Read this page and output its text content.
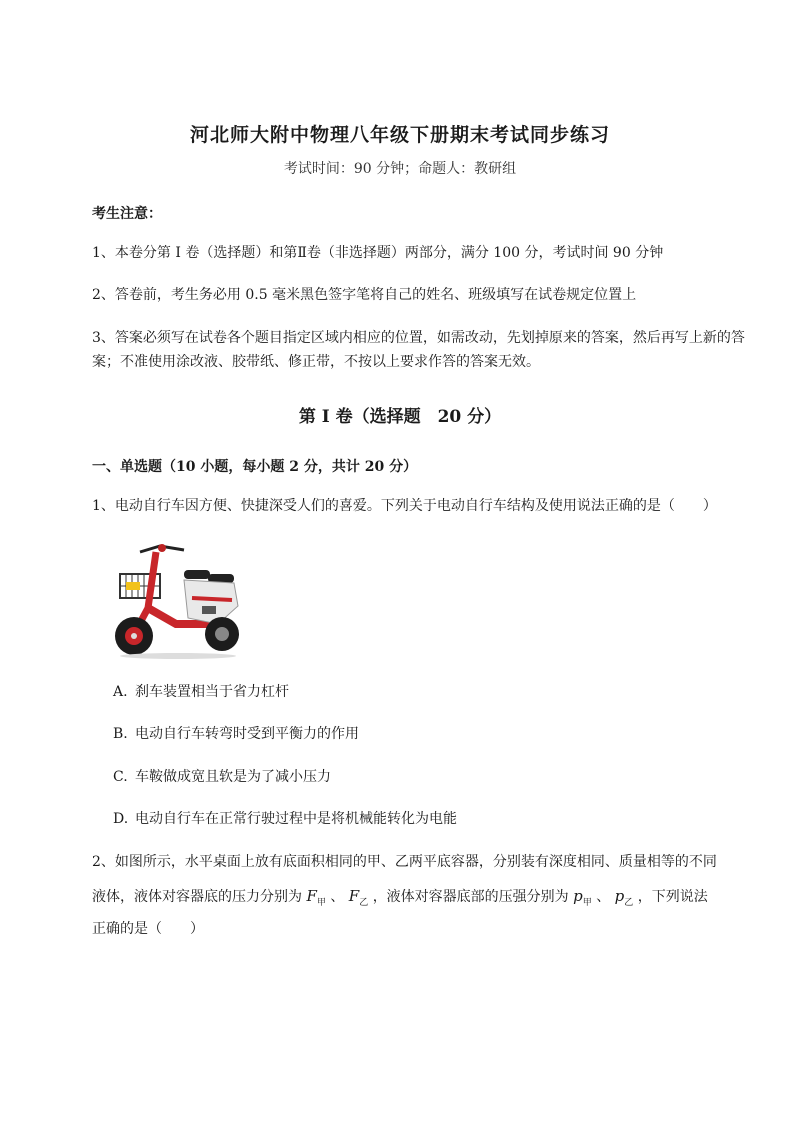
河北师大附中物理八年级下册期末考试同步练习
考试时间：90 分钟；命题人：教研组
考生注意：
1、本卷分第 I 卷（选择题）和第Ⅱ卷（非选择题）两部分，满分 100 分，考试时间 90 分钟
2、答卷前，考生务必用 0.5 毫米黑色签字笔将自己的姓名、班级填写在试卷规定位置上
3、答案必须写在试卷各个题目指定区域内相应的位置，如需改动，先划掉原来的答案，然后再写上新的答案；不准使用涂改液、胶带纸、修正带，不按以上要求作答的答案无效。
第 I 卷（选择题　20 分）
一、单选题（10 小题，每小题 2 分，共计 20 分）
1、电动自行车因方便、快捷深受人们的喜爱。下列关于电动自行车结构及使用说法正确的是（　　）
A. 刹车装置相当于省力杠杆
B. 电动自行车转弯时受到平衡力的作用
C. 车鞍做成宽且软是为了减小压力
D. 电动自行车在正常行驶过程中是将机械能转化为电能
2、如图所示，水平桌面上放有底面积相同的甲、乙两平底容器，分别装有深度相同、质量相等的不同
液体，液体对容器底的压力分别为 $F_甲$ 、 $F_乙$ ，液体对容器底部的压强分别为 $p_甲$ 、 $p_乙$ ，下列说法
正确的是（　　）
